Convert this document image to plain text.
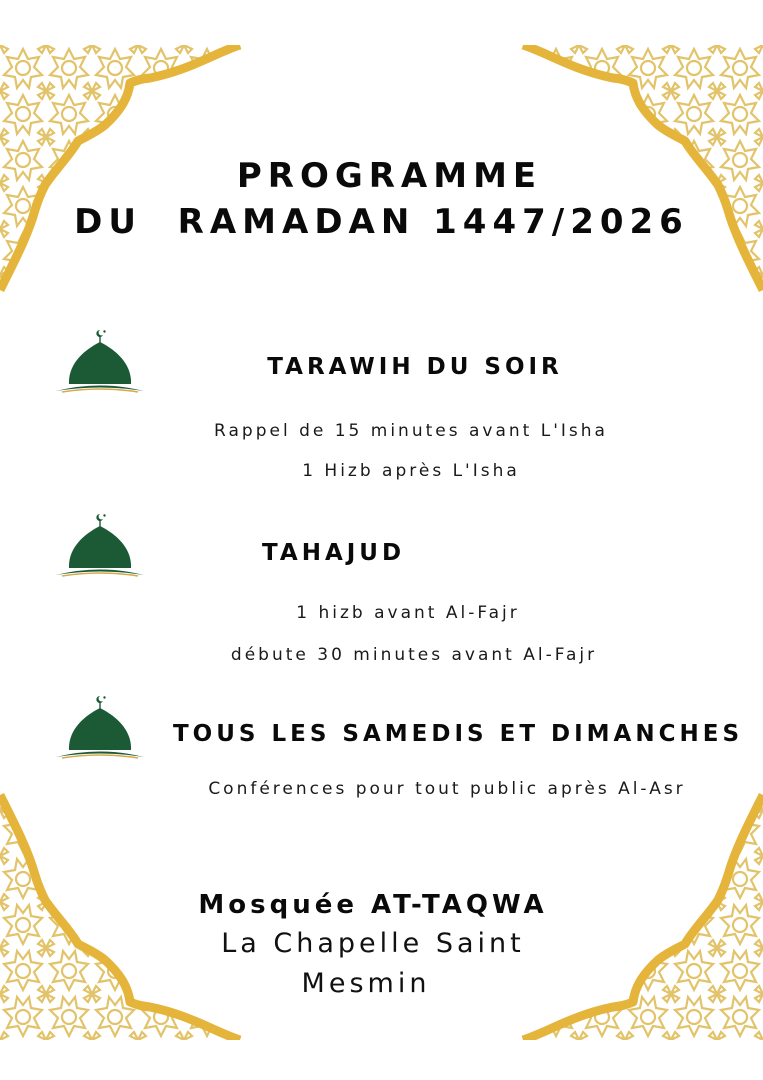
PROGRAMME
DU  RAMADAN 1447/2026
TARAWIH DU SOIR
Rappel de 15 minutes avant L'Isha
1 Hizb après L'Isha
TAHAJUD
1 hizb avant Al-Fajr
débute 30 minutes avant Al-Fajr
TOUS LES SAMEDIS ET DIMANCHES
Conférences pour tout public après Al-Asr
Mosquée AT-TAQWA
La Chapelle Saint
Mesmin
